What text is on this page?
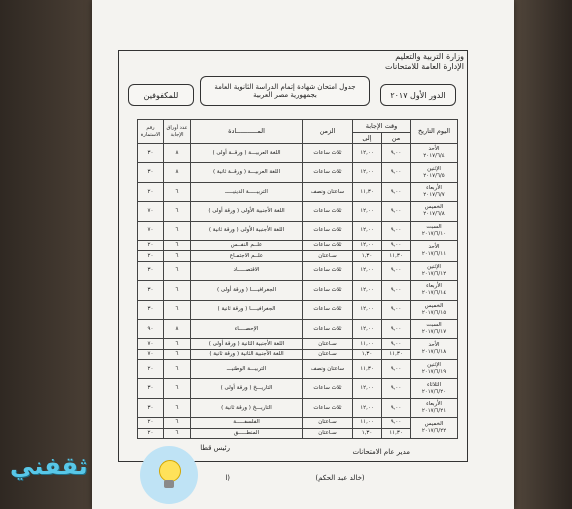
وزارة التربية والتعليم
الإدارة العامة للامتحانات
الدور الأول ٢٠١٧
جدول امتحان شهادة إتمام الدراسة الثانوية العامة
بجمهورية مصر العربية
للمكفوفين
اليوم التاريخ	وقت الإجابة		الزمن	المـــــــــــادة	عدد أوراق الإجابة	رقم الاستمارة
	من	إلى				

الأحد
٢٠١٧/٦/٤	٩,٠٠	١٢,٠٠	ثلاث ساعات	اللغة العربيـــة ( ورقــة أولى )	٨	٣٠

الإثنين
٢٠١٧/٦/٥	٩,٠٠	١٢,٠٠	ثلاث ساعات	اللغة العربيـــة ( ورقــة ثانية )	٨	٣٠

الأربعاء
٢٠١٧/٦/٧	٩,٠٠	١١,٣٠	ساعتان ونصف	التربيـــــة الدينيـــــ	٦	٢٠

الخميس
٢٠١٧/٦/٨	٩,٠٠	١٢,٠٠	ثلاث ساعات	اللغة الأجنبية الأولى ( ورقة أولى )	٦	٧٠

السبت
٢٠١٧/٦/١٠	٩,٠٠	١٢,٠٠	ثلاث ساعات	اللغة الأجنبية الأولى ( ورقة ثانية )	٦	٧٠

الأحد
٢٠١٧/٦/١١	٩,٠٠	١٢,٠٠	ثلاث ساعات	علــم النفــس	٦	٢٠
	١١,٣٠	١,٣٠	سـاعتان	علــم الاجتمـاع	٦	٢٠

الإثنين
٢٠١٧/٦/١٢	٩,٠٠	١٢,٠٠	ثلاث ساعات	الاقتصـــــاد	٦	٣٠

الأربعاء
٢٠١٧/٦/١٤	٩,٠٠	١٢,٠٠	ثلاث ساعات	الجغرافيــــا ( ورقة أولى )	٦	٣٠

الخميس
٢٠١٧/٦/١٥	٩,٠٠	١٢,٠٠	ثلاث ساعات	الجغرافيــــا ( ورقة ثانية )	٦	٣٠

السبت
٢٠١٧/٦/١٧	٩,٠٠	١٢,٠٠	ثلاث ساعات	الإحصــــاء	٨	٩٠

الأحد
٢٠١٧/٦/١٨	٩,٠٠	١١,٠٠	سـاعتان	اللغة الأجنبية الثانية ( ورقة أولى )	٦	٧٠
	١١,٣٠	١,٣٠	سـاعتان	اللغة الأجنبية الثانية ( ورقة ثانية )	٦	٧٠

الإثنين
٢٠١٧/٦/١٩	٩,٠٠	١١,٣٠	ساعتان ونصف	التربيـــة الوطنيـــ	٦	٢٠

الثلاثاء
٢٠١٧/٦/٢٠	٩,٠٠	١٢,٠٠	ثلاث ساعات	التاريـــخ ( ورقة أولى )	٦	٣٠

الأربعاء
٢٠١٧/٦/٢١	٩,٠٠	١٢,٠٠	ثلاث ساعات	التاريـــخ ( ورقة ثانية )	٦	٣٠

الخميس
٢٠١٧/٦/٢٢	٩,٠٠	١١,٠٠	سـاعتان	الفلسفـــــة	٦	٢٠
	١١,٣٠	١,٣٠	سـاعتان	المنطـــــق	٦	٢٠
مدير عام الامتحانات
(خالد عبد الحكم)
رئيس قطا
(ا
ثقفني
